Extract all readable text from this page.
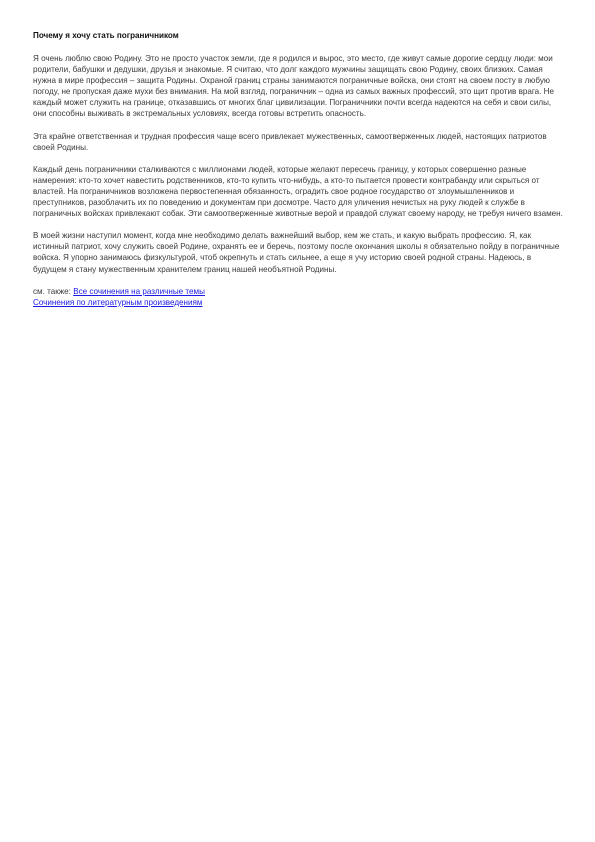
Почему я хочу стать пограничником

Я очень люблю свою Родину. Это не просто участок земли, где я родился и вырос, это место, где живут самые дорогие сердцу люди: мои родители, бабушки и дедушки, друзья и знакомые. Я считаю, что долг каждого мужчины защищать свою Родину, своих близких. Самая нужна в мире профессия – защита Родины. Охраной границ страны занимаются пограничные войска, они стоят на своем посту в любую погоду, не пропуская даже мухи без внимания. На мой взгляд, пограничник – одна из самых важных профессий, это щит против врага. Не каждый может служить на границе, отказавшись от многих благ цивилизации. Пограничники почти всегда надеются на себя и свои силы, они способны выживать в экстремальных условиях, всегда готовы встретить опасность.

Эта крайне ответственная и трудная профессия чаще всего привлекает мужественных, самоотверженных людей, настоящих патриотов своей Родины.

Каждый день пограничники сталкиваются с миллионами людей, которые желают пересечь границу, у которых совершенно разные намерения: кто-то хочет навестить родственников, кто-то купить что-нибудь, а кто-то пытается провести контрабанду или скрыться от властей. На пограничников возложена первостепенная обязанность, оградить свое родное государство от злоумышленников и преступников, разоблачить их по поведению и документам при досмотре. Часто для уличения нечистых на руку людей к службе в пограничных войсках привлекают собак. Эти самоотверженные животные верой и правдой служат своему народу, не требуя ничего взамен.

В моей жизни наступил момент, когда мне необходимо делать важнейший выбор, кем же стать, и какую выбрать профессию. Я, как истинный патриот, хочу служить своей Родине, охранять ее и беречь, поэтому после окончания школы я обязательно пойду в пограничные войска. Я упорно занимаюсь физкультурой, чтоб окрепнуть и стать сильнее, а еще я учу историю своей родной страны. Надеюсь, в будущем я стану мужественным хранителем границ нашей необъятной Родины.

см. также: Все сочинения на различные темы
Сочинения по литературным произведениям
